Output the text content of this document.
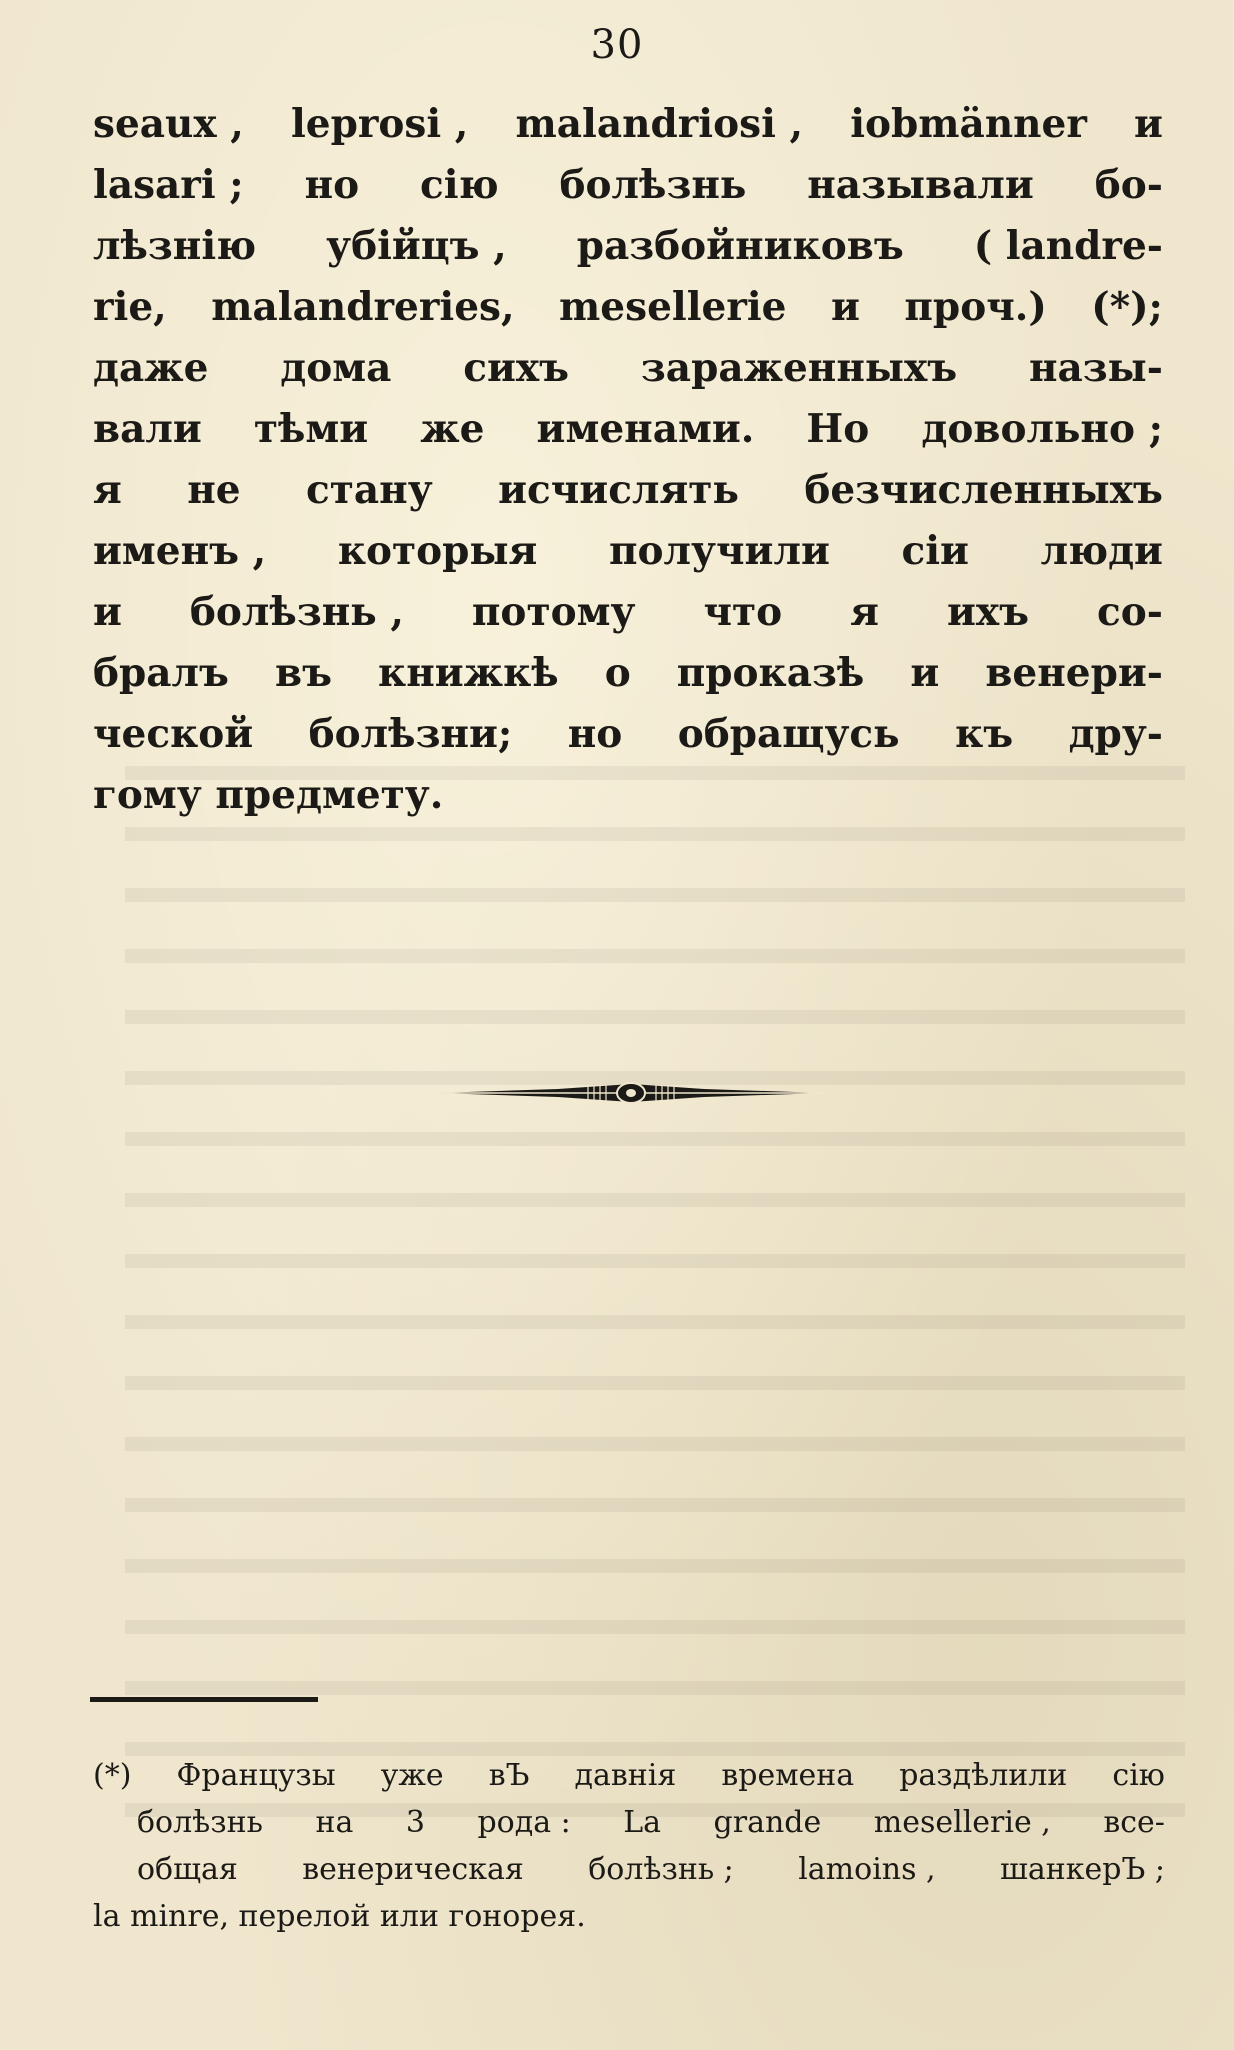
30
seaux , leprosi , malandriosi , iobmänner и
lasari ; но сію болѣзнь называли бо-
лѣзнію убійцъ , разбойниковъ ( landre-
rie, malandreries, mesellerie и проч.) (*);
даже дома сихъ зараженныхъ назы-
вали тѣми же именами. Но довольно ;
я не стану исчислять безчисленныхъ
именъ , которыя получили сіи люди
и болѣзнь , потому что я ихъ со-
бралъ въ книжкѣ о проказѣ и венери-
ческой болѣзни; но обращусь къ дру-
гому предмету.
(*) Французы уже вЪ давнія времена раздѣлили сію
болѣзнь на 3 рода : La grande mesellerie , все-
общая венерическая болѣзнь ; lamoins , шанкерЪ ;
la minre, перелой или гонорея.
